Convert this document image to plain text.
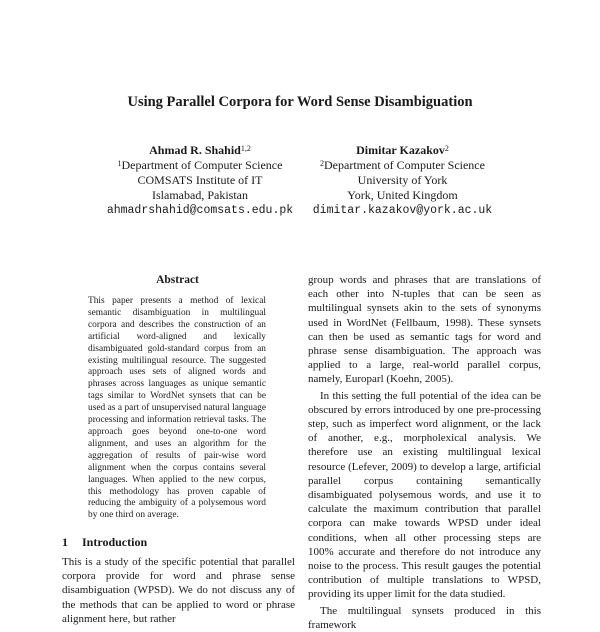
Using Parallel Corpora for Word Sense Disambiguation
Ahmad R. Shahid$^{1,2}$
$^1$Department of Computer Science
COMSATS Institute of IT
Islamabad, Pakistan
ahmadrshahid@comsats.edu.pk
Dimitar Kazakov$^2$
$^2$Department of Computer Science
University of York
York, United Kingdom
dimitar.kazakov@york.ac.uk
Abstract

This paper presents a method of lexical semantic disambiguation in multilingual corpora and describes the construction of an artificial word-aligned and lexically disambiguated gold-standard corpus from an existing multilingual resource. The suggested approach uses sets of aligned words and phrases across languages as unique semantic tags similar to WordNet synsets that can be used as a part of unsupervised natural language processing and information retrieval tasks. The approach goes beyond one-to-one word alignment, and uses an algorithm for the aggregation of results of pair-wise word alignment when the corpus contains several languages. When applied to the new corpus, this methodology has proven capable of reducing the ambiguity of a polysemous word by one third on average.

1 Introduction

This is a study of the specific potential that parallel corpora provide for word and phrase sense disambiguation (WPSD). We do not discuss any of the methods that can be applied to word or phrase alignment here, but rather

group words and phrases that are translations of each other into N-tuples that can be seen as multilingual synsets akin to the sets of synonyms used in WordNet (Fellbaum, 1998). These synsets can then be used as semantic tags for word and phrase sense disambiguation. The approach was applied to a large, real-world parallel corpus, namely, Europarl (Koehn, 2005).

In this setting the full potential of the idea can be obscured by errors introduced by one pre-processing step, such as imperfect word alignment, or the lack of another, e.g., morpholexical analysis. We therefore use an existing multilingual lexical resource (Lefever, 2009) to develop a large, artificial parallel corpus containing semantically disambiguated polysemous words, and use it to calculate the maximum contribution that parallel corpora can make towards WPSD under ideal conditions, when all other processing steps are 100% accurate and therefore do not introduce any noise to the process. This result gauges the potential contribution of multiple translations to WPSD, providing its upper limit for the data studied.

The multilingual synsets produced in this framework
